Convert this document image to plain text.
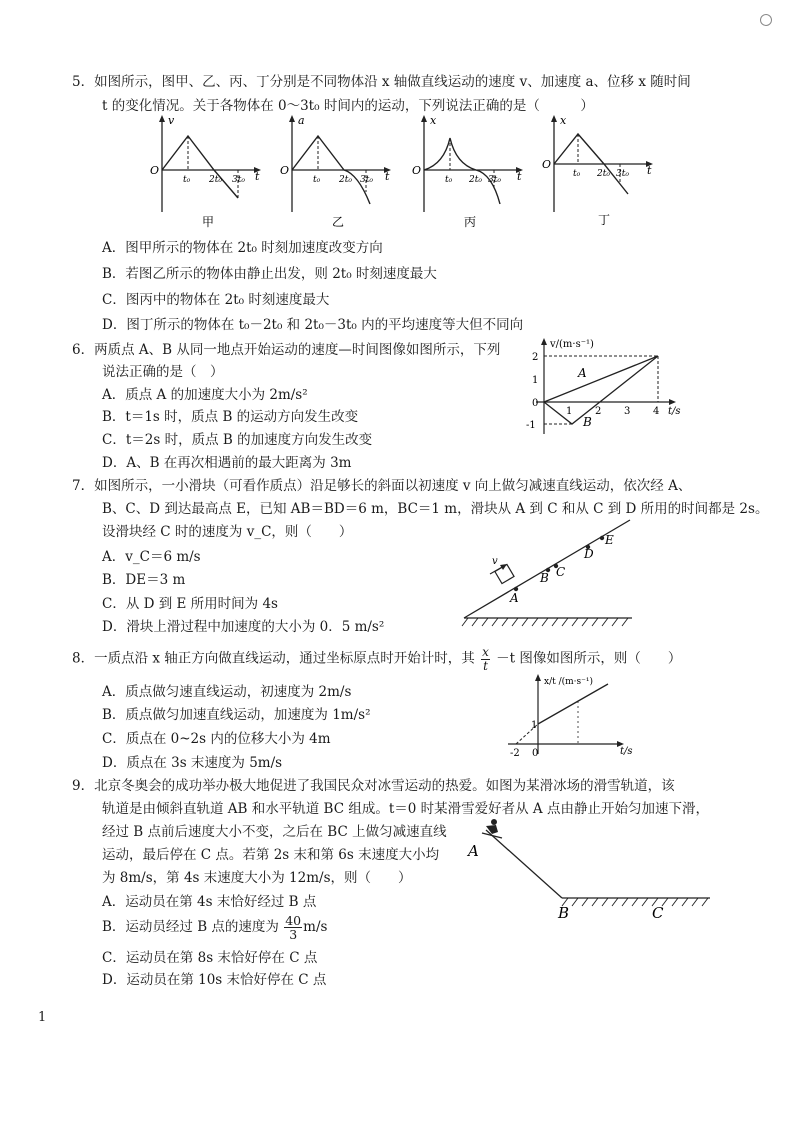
5．如图所示，图甲、乙、丙、丁分别是不同物体沿 x 轴做直线运动的速度 v、加速度 a、位移 x 随时间
t 的变化情况。关于各物体在 0～3t₀ 时间内的运动，下列说法正确的是（　　　）
v
O	t
t₀ 2t₀ 3t₀
甲
a
O	t
t₀ 2t₀ 3t₀
乙
x
O	t
t₀ 2t₀ 3t₀
丙
x
O	t
t₀ 2t₀ 3t₀
丁
A．图甲所示的物体在 2t₀ 时刻加速度改变方向
B．若图乙所示的物体由静止出发，则 2t₀ 时刻速度最大
C．图丙中的物体在 2t₀ 时刻速度最大
D．图丁所示的物体在 t₀－2t₀ 和 2t₀－3t₀ 内的平均速度等大但不同向
6．两质点 A、B 从同一地点开始运动的速度—时间图像如图所示，下列
说法正确的是（　）
A．质点 A 的加速度大小为 2m/s²
B．t＝1s 时，质点 B 的运动方向发生改变
C．t＝2s 时，质点 B 的加速度方向发生改变
D．A、B 在再次相遇前的最大距离为 3m
v/(m·s⁻¹)
t/s
2
1
0
-1
1 2 3 4
A
B
7．如图所示，一小滑块（可看作质点）沿足够长的斜面以初速度 v 向上做匀减速直线运动，依次经 A、
B、C、D 到达最高点 E，已知 AB＝BD＝6 m，BC＝1 m，滑块从 A 到 C 和从 C 到 D 所用的时间都是 2s。
设滑块经 C 时的速度为 v_C，则（　　）
A．v_C＝6 m/s
B．DE＝3 m
C．从 D 到 E 所用时间为 4s
D．滑块上滑过程中加速度的大小为 0．5 m/s²
v
A
B C
D
E
8．一质点沿 x 轴正方向做直线运动，通过坐标原点时开始计时，其 $\frac{x}{t} -t$ 图像如图所示，则（　　）
A．质点做匀速直线运动，初速度为 2m/s
B．质点做匀加速直线运动，加速度为 1m/s²
C．质点在 0~2s 内的位移大小为 4m
D．质点在 3s 末速度为 5m/s
x/t /(m·s⁻¹)
t/s
1
-2 0
9．北京冬奥会的成功举办极大地促进了我国民众对冰雪运动的热爱。如图为某滑冰场的滑雪轨道，该
轨道是由倾斜直轨道 AB 和水平轨道 BC 组成。t＝0 时某滑雪爱好者从 A 点由静止开始匀加速下滑，
经过 B 点前后速度大小不变，之后在 BC 上做匀减速直线
运动，最后停在 C 点。若第 2s 末和第 6s 末速度大小均
为 8m/s，第 4s 末速度大小为 12m/s，则（　　）
A．运动员在第 4s 末恰好经过 B 点
B．运动员经过 B 点的速度为 $\frac{40}{3} m/s$
C．运动员在第 8s 末恰好停在 C 点
D．运动员在第 10s 末恰好停在 C 点
A
B	C
1
